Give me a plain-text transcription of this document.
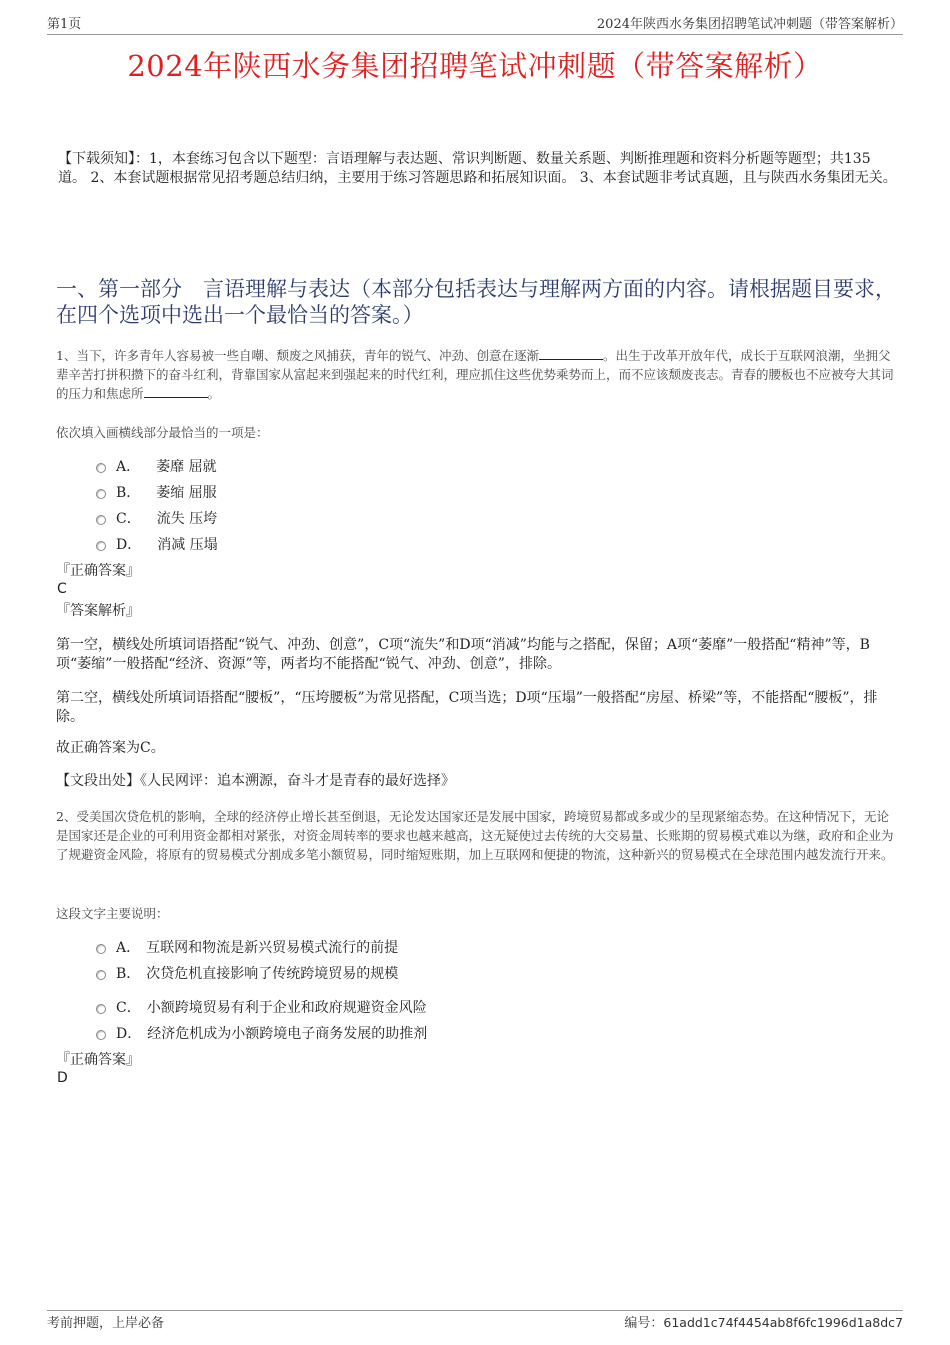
第1页	2024年陕西水务集团招聘笔试冲刺题（带答案解析）
2024年陕西水务集团招聘笔试冲刺题（带答案解析）
【下载须知】：1，本套练习包含以下题型：言语理解与表达题、常识判断题、数量关系题、判断推理题和资料分析题等题型；共135道。 2、本套试题根据常见招考题总结归纳，主要用于练习答题思路和拓展知识面。 3、本套试题非考试真题，且与陕西水务集团无关。
一、第一部分　言语理解与表达（本部分包括表达与理解两方面的内容。请根据题目要求，在四个选项中选出一个最恰当的答案。）
1、当下，许多青年人容易被一些自嘲、颓废之风捕获，青年的锐气、冲劲、创意在逐渐	。出生于改革开放年代，成长于互联网浪潮，坐拥父辈辛苦打拼积攒下的奋斗红利，背靠国家从富起来到强起来的时代红利，理应抓住这些优势乘势而上，而不应该颓废丧志。青春的腰板也不应被夸大其词的压力和焦虑所	。
依次填入画横线部分最恰当的一项是：
A． 萎靡 屈就
B． 萎缩 屈服
C． 流失 压垮
D． 消减 压塌
『正确答案』
C
『答案解析』
第一空，横线处所填词语搭配“锐气、冲劲、创意”，C项“流失”和D项“消减”均能与之搭配，保留；A项“萎靡”一般搭配“精神”等，B项“萎缩”一般搭配“经济、资源”等，两者均不能搭配“锐气、冲劲、创意”，排除。
第二空，横线处所填词语搭配“腰板”，“压垮腰板”为常见搭配，C项当选；D项“压塌”一般搭配“房屋、桥梁”等，不能搭配“腰板”，排除。
故正确答案为C。
【文段出处】《人民网评：追本溯源，奋斗才是青春的最好选择》
2、受美国次贷危机的影响，全球的经济停止增长甚至倒退，无论发达国家还是发展中国家，跨境贸易都或多或少的呈现紧缩态势。在这种情况下，无论是国家还是企业的可利用资金都相对紧张，对资金周转率的要求也越来越高，这无疑使过去传统的大交易量、长账期的贸易模式难以为继，政府和企业为了规避资金风险，将原有的贸易模式分割成多笔小额贸易，同时缩短账期，加上互联网和便捷的物流，这种新兴的贸易模式在全球范围内越发流行开来。
这段文字主要说明：
A． 互联网和物流是新兴贸易模式流行的前提
B． 次贷危机直接影响了传统跨境贸易的规模
C． 小额跨境贸易有利于企业和政府规避资金风险
D． 经济危机成为小额跨境电子商务发展的助推剂
『正确答案』
D
考前押题，上岸必备	编号：61add1c74f4454ab8f6fc1996d1a8dc7
